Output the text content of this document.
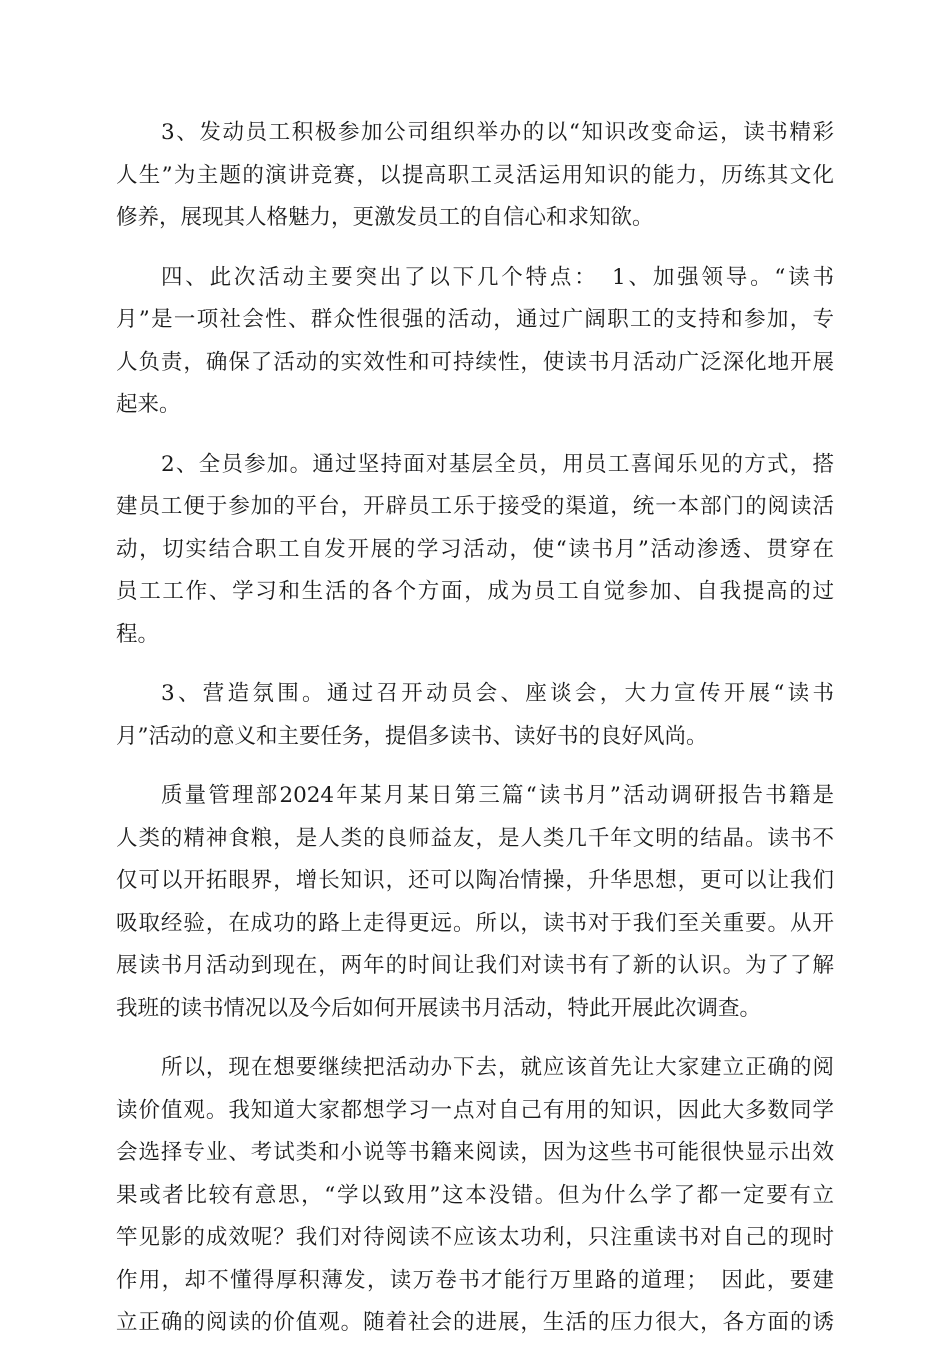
3、发动员工积极参加公司组织举办的以“知识改变命运，读书精彩
人生”为主题的演讲竞赛，以提高职工灵活运用知识的能力，历练其文化
修养，展现其人格魅力，更激发员工的自信心和求知欲。
四、此次活动主要突出了以下几个特点：　1、加强领导。“读书
月”是一项社会性、群众性很强的活动，通过广阔职工的支持和参加，专
人负责，确保了活动的实效性和可持续性，使读书月活动广泛深化地开展
起来。
2、全员参加。通过坚持面对基层全员，用员工喜闻乐见的方式，搭
建员工便于参加的平台，开辟员工乐于接受的渠道，统一本部门的阅读活
动，切实结合职工自发开展的学习活动，使“读书月”活动渗透、贯穿在
员工工作、学习和生活的各个方面，成为员工自觉参加、自我提高的过
程。
3、营造氛围。通过召开动员会、座谈会，大力宣传开展“读书
月”活动的意义和主要任务，提倡多读书、读好书的良好风尚。
质量管理部2024年某月某日第三篇“读书月”活动调研报告书籍是
人类的精神食粮，是人类的良师益友，是人类几千年文明的结晶。读书不
仅可以开拓眼界，增长知识，还可以陶冶情操，升华思想，更可以让我们
吸取经验，在成功的路上走得更远。所以，读书对于我们至关重要。从开
展读书月活动到现在，两年的时间让我们对读书有了新的认识。为了了解
我班的读书情况以及今后如何开展读书月活动，特此开展此次调查。
所以，现在想要继续把活动办下去，就应该首先让大家建立正确的阅
读价值观。我知道大家都想学习一点对自己有用的知识，因此大多数同学
会选择专业、考试类和小说等书籍来阅读，因为这些书可能很快显示出效
果或者比较有意思，“学以致用”这本没错。但为什么学了都一定要有立
竿见影的成效呢？我们对待阅读不应该太功利，只注重读书对自己的现时
作用，却不懂得厚积薄发，读万卷书才能行万里路的道理；　因此，要建
立正确的阅读的价值观。随着社会的进展，生活的压力很大，各方面的诱
